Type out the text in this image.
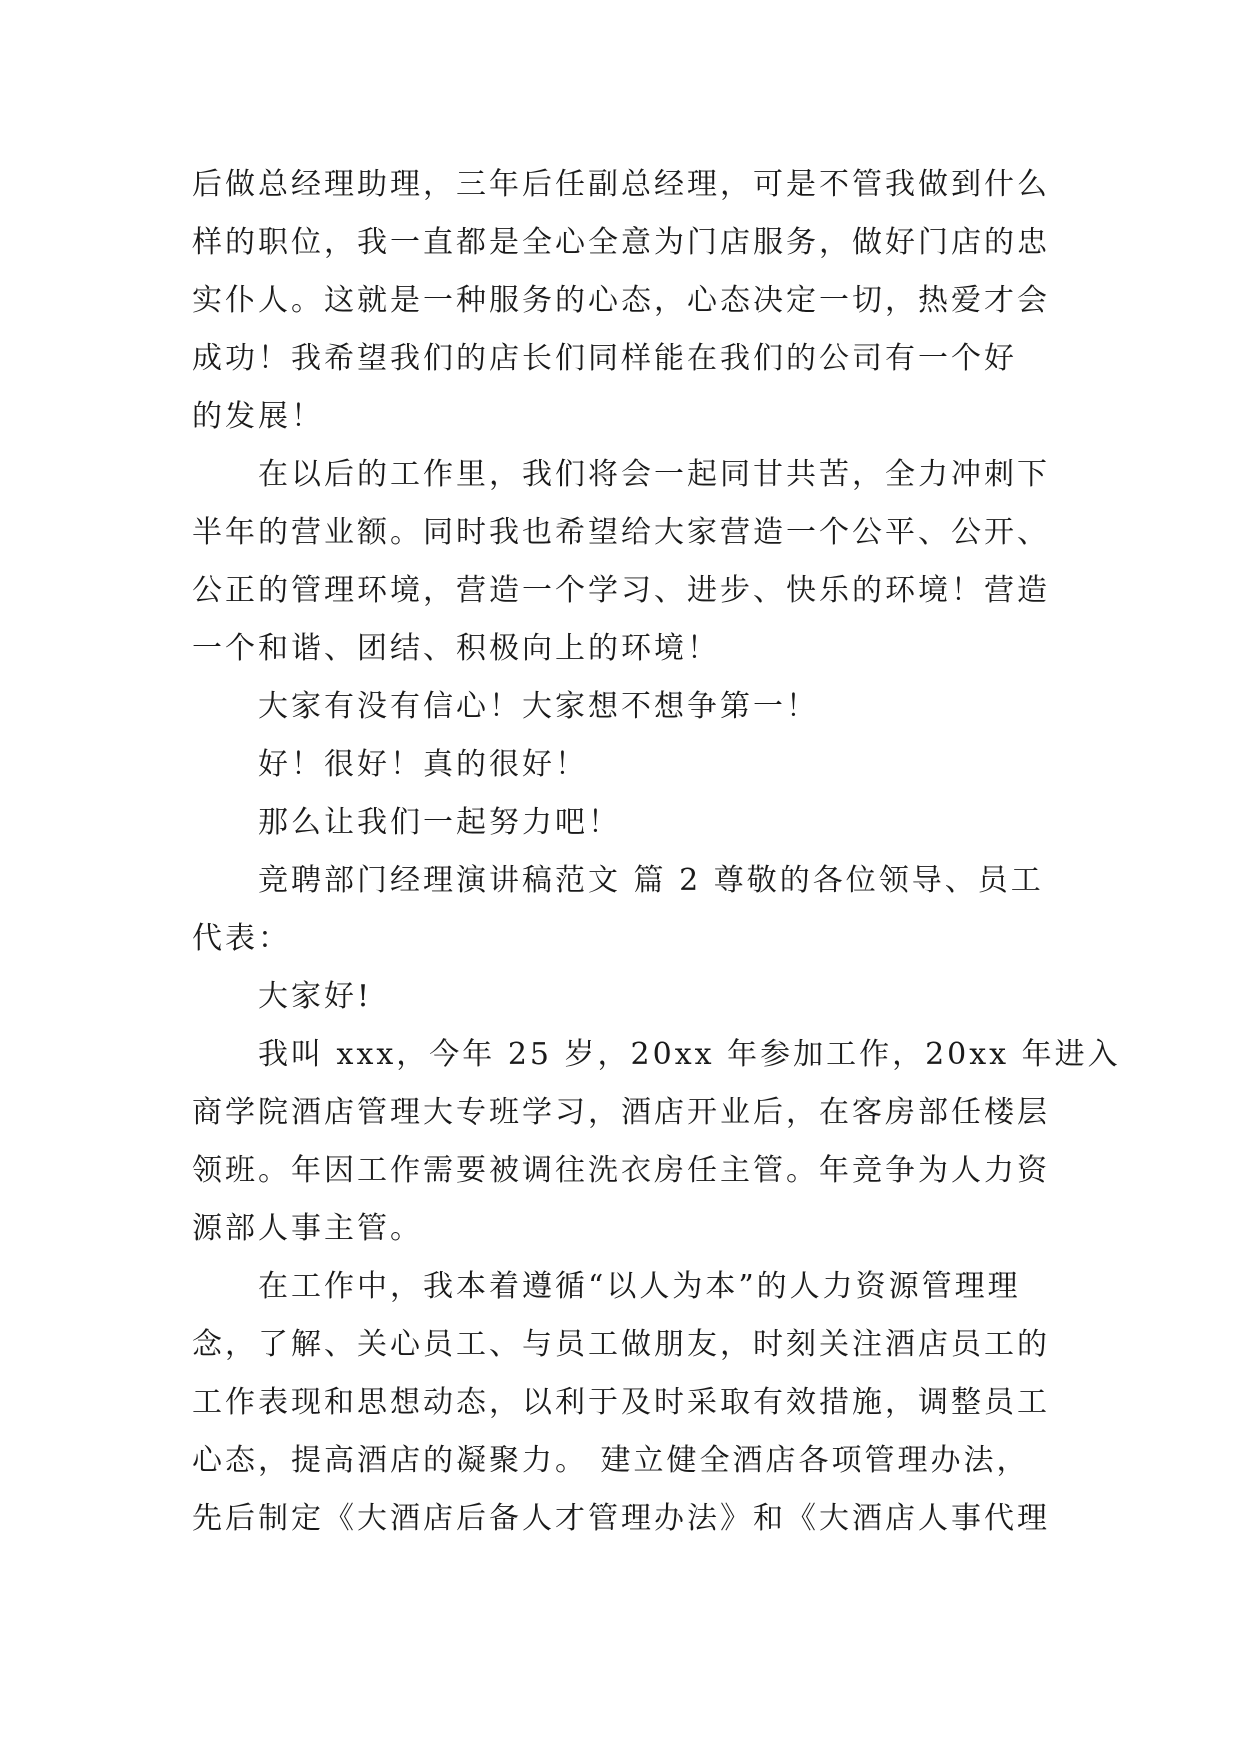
后做总经理助理，三年后任副总经理，可是不管我做到什么
样的职位，我一直都是全心全意为门店服务，做好门店的忠
实仆人。这就是一种服务的心态，心态决定一切，热爱才会
成功！我希望我们的店长们同样能在我们的公司有一个好
的发展！
在以后的工作里，我们将会一起同甘共苦，全力冲刺下
半年的营业额。同时我也希望给大家营造一个公平、公开、
公正的管理环境，营造一个学习、进步、快乐的环境！营造
一个和谐、团结、积极向上的环境！
大家有没有信心！大家想不想争第一！
好！很好！真的很好！
那么让我们一起努力吧！
竞聘部门经理演讲稿范文 篇 2 尊敬的各位领导、员工
代表：
大家好!
我叫 xxx，今年 25 岁，20xx 年参加工作，20xx 年进入
商学院酒店管理大专班学习，酒店开业后，在客房部任楼层
领班。年因工作需要被调往洗衣房任主管。年竞争为人力资
源部人事主管。
在工作中，我本着遵循“以人为本”的人力资源管理理
念，了解、关心员工、与员工做朋友，时刻关注酒店员工的
工作表现和思想动态，以利于及时采取有效措施，调整员工
心态，提高酒店的凝聚力。 建立健全酒店各项管理办法，
先后制定《大酒店后备人才管理办法》和《大酒店人事代理
